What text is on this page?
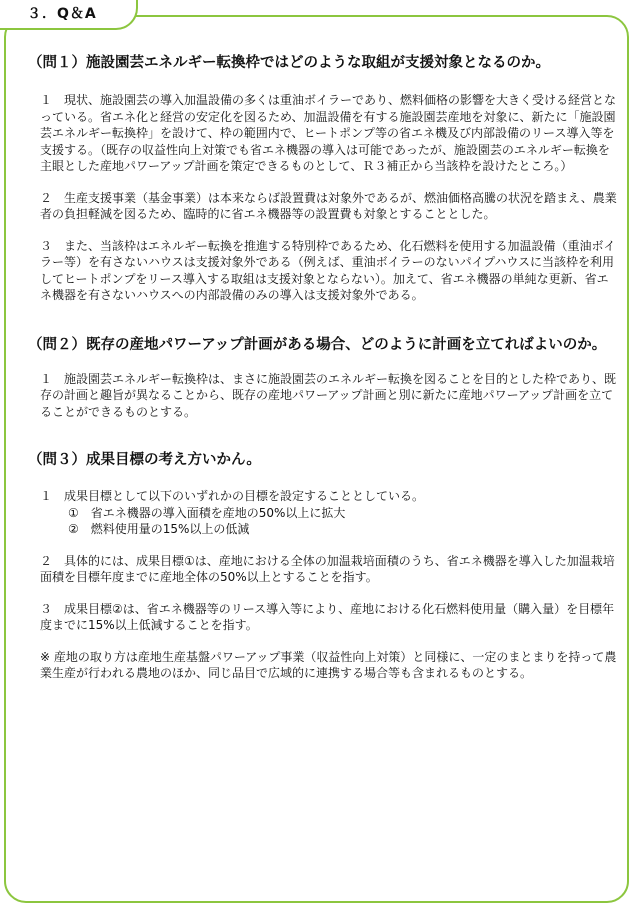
３．Q＆A

（問１）施設園芸エネルギー転換枠ではどのような取組が支援対象となるのか。

１　現状、施設園芸の導入加温設備の多くは重油ボイラーであり、燃料価格の影響を大きく受ける経営となっている。省エネ化と経営の安定化を図るため、加温設備を有する施設園芸産地を対象に、新たに「施設園芸エネルギー転換枠」を設けて、枠の範囲内で、ヒートポンプ等の省エネ機及び内部設備のリース導入等を支援する。（既存の収益性向上対策でも省エネ機器の導入は可能であったが、施設園芸のエネルギー転換を主眼とした産地パワーアップ計画を策定できるものとして、Ｒ３補正から当該枠を設けたところ。）

２　生産支援事業（基金事業）は本来ならば設置費は対象外であるが、燃油価格高騰の状況を踏まえ、農業者の負担軽減を図るため、臨時的に省エネ機器等の設置費も対象とすることとした。

３　また、当該枠はエネルギー転換を推進する特別枠であるため、化石燃料を使用する加温設備（重油ボイラー等）を有さないハウスは支援対象外である（例えば、重油ボイラーのないパイプハウスに当該枠を利用してヒートポンプをリース導入する取組は支援対象とならない）。加えて、省エネ機器の単純な更新、省エネ機器を有さないハウスへの内部設備のみの導入は支援対象外である。

（問２）既存の産地パワーアップ計画がある場合、どのように計画を立てればよいのか。

１　施設園芸エネルギー転換枠は、まさに施設園芸のエネルギー転換を図ることを目的とした枠であり、既存の計画と趣旨が異なることから、既存の産地パワーアップ計画と別に新たに産地パワーアップ計画を立てることができるものとする。

（問３）成果目標の考え方いかん。

１　成果目標として以下のいずれかの目標を設定することとしている。

①　省エネ機器の導入面積を産地の50%以上に拡大

②　燃料使用量の15%以上の低減

２　具体的には、成果目標①は、産地における全体の加温栽培面積のうち、省エネ機器を導入した加温栽培面積を目標年度までに産地全体の50%以上とすることを指す。

３　成果目標②は、省エネ機器等のリース導入等により、産地における化石燃料使用量（購入量）を目標年度までに15%以上低減することを指す。

※ 産地の取り方は産地生産基盤パワーアップ事業（収益性向上対策）と同様に、一定のまとまりを持って農業生産が行われる農地のほか、同じ品目で広域的に連携する場合等も含まれるものとする。
